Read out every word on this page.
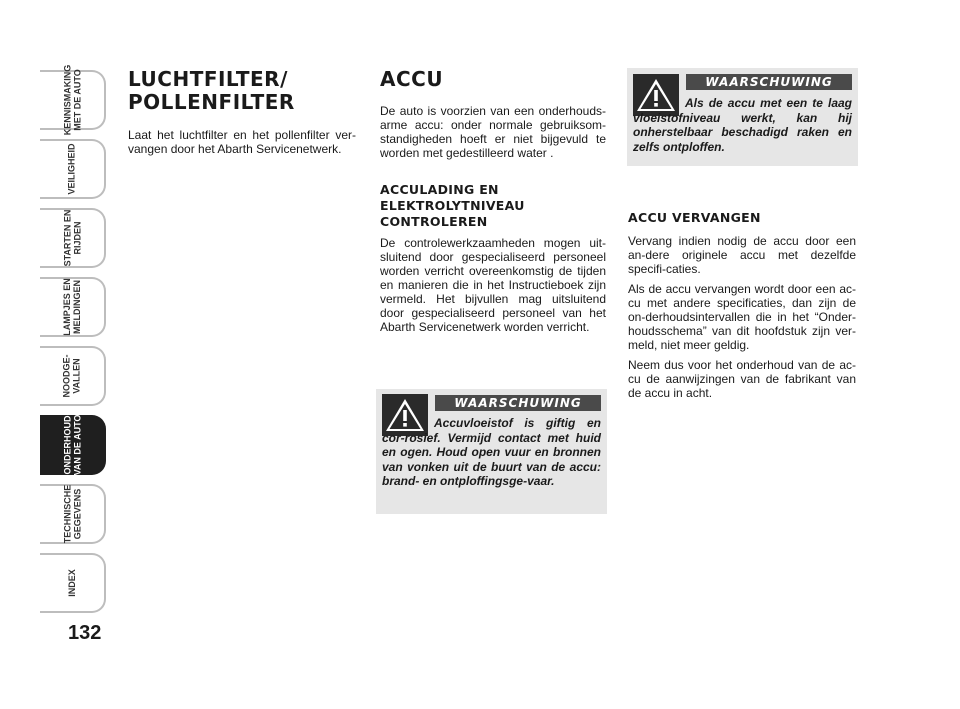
KENNISMAKING
MET DE AUTO
VEILIGHEID
STARTEN EN
RIJDEN
LAMPJES EN
MELDINGEN
NOODGE-
VALLEN
ONDERHOUD
VAN DE AUTO
TECHNISCHE
GEGEVENS
INDEX
132
LUCHTFILTER/
POLLENFILTER

Laat het luchtfilter en het pollenfilter ver-vangen door het Abarth Servicenetwerk.

ACCU

De auto is voorzien van een onderhouds-arme accu: onder normale gebruiksom-standigheden hoeft er niet bijgevuld te worden met gedestilleerd water .

ACCULADING EN
ELEKTROLYTNIVEAU
CONTROLEREN

De controlewerkzaamheden mogen uit-sluitend door gespecialiseerd personeel worden verricht overeenkomstig de tijden en manieren die in het Instructieboek zijn vermeld. Het bijvullen mag uitsluitend door gespecialiseerd personeel van het Abarth Servicenetwerk worden verricht.

WAARSCHUWING

Accuvloeistof is giftig en cor-rosief. Vermijd contact met huid en ogen. Houd open vuur en bronnen van vonken uit de buurt van de accu: brand- en ontploffingsge-vaar.

WAARSCHUWING

Als de accu met een te laag vloeistofniveau werkt, kan hij onherstelbaar beschadigd raken en zelfs ontploffen.

ACCU VERVANGEN

Vervang indien nodig de accu door een an-dere originele accu met dezelfde specifi-caties.

Als de accu vervangen wordt door een ac-cu met andere specificaties, dan zijn de on-derhoudsintervallen die in het “Onder-houdsschema” van dit hoofdstuk zijn ver-meld, niet meer geldig.

Neem dus voor het onderhoud van de ac-cu de aanwijzingen van de fabrikant van de accu in acht.
